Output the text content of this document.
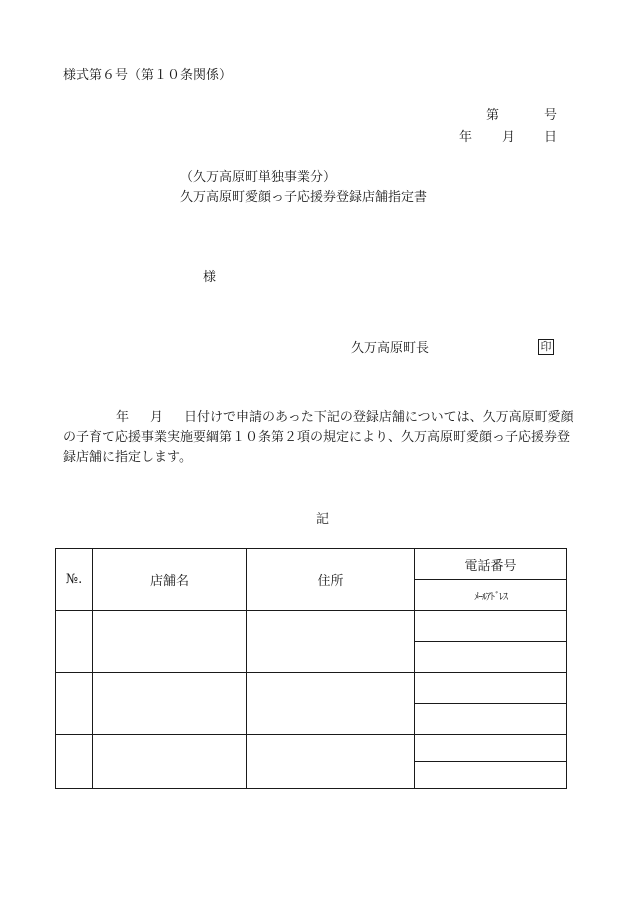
様式第６号（第１０条関係）
第	号
年 月 日
（久万高原町単独事業分）
久万高原町愛顔っ子応援券登録店舗指定書
様
久万高原町長	印
年 月 日付けで申請のあった下記の登録店舗については、久万高原町愛顔の子育て応援事業実施要綱第１０条第２項の規定により、久万高原町愛顔っ子応援券登録店舗に指定します。
記
№.	店舗名	住所	電話番号
			ﾒｰﾙｱﾄﾞﾚｽ
